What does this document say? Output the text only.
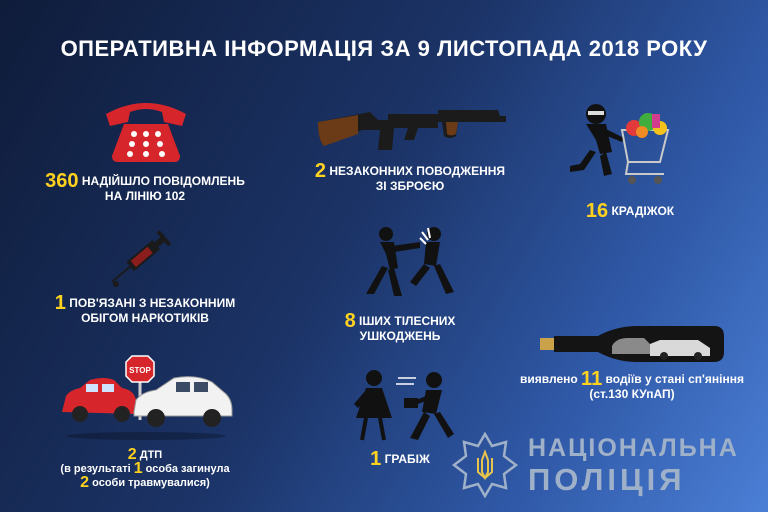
ОПЕРАТИВНА ІНФОРМАЦІЯ ЗА 9 ЛИСТОПАДА 2018 РОКУ
360 НАДІЙШЛО ПОВІДОМЛЕНЬ
НА ЛІНІЮ 102
2 НЕЗАКОННИХ ПОВОДЖЕННЯ
ЗІ ЗБРОЄЮ
16 КРАДІЖОК
1 ПОВ'ЯЗАНІ З НЕЗАКОННИМ
ОБІГОМ НАРКОТИКІВ	8 ІШИХ ТІЛЕСНИХ
УШКОДЖЕНЬ
виявлено 11 водіїв у стані сп'яніння
(ст.130 КУпАП)
STOP
2 ДТП
(в результаті 1 особа загинула
2 особи травмувалися)
1 ГРАБІЖ	НАЦІОНАЛЬНА
ПОЛІЦІЯ
